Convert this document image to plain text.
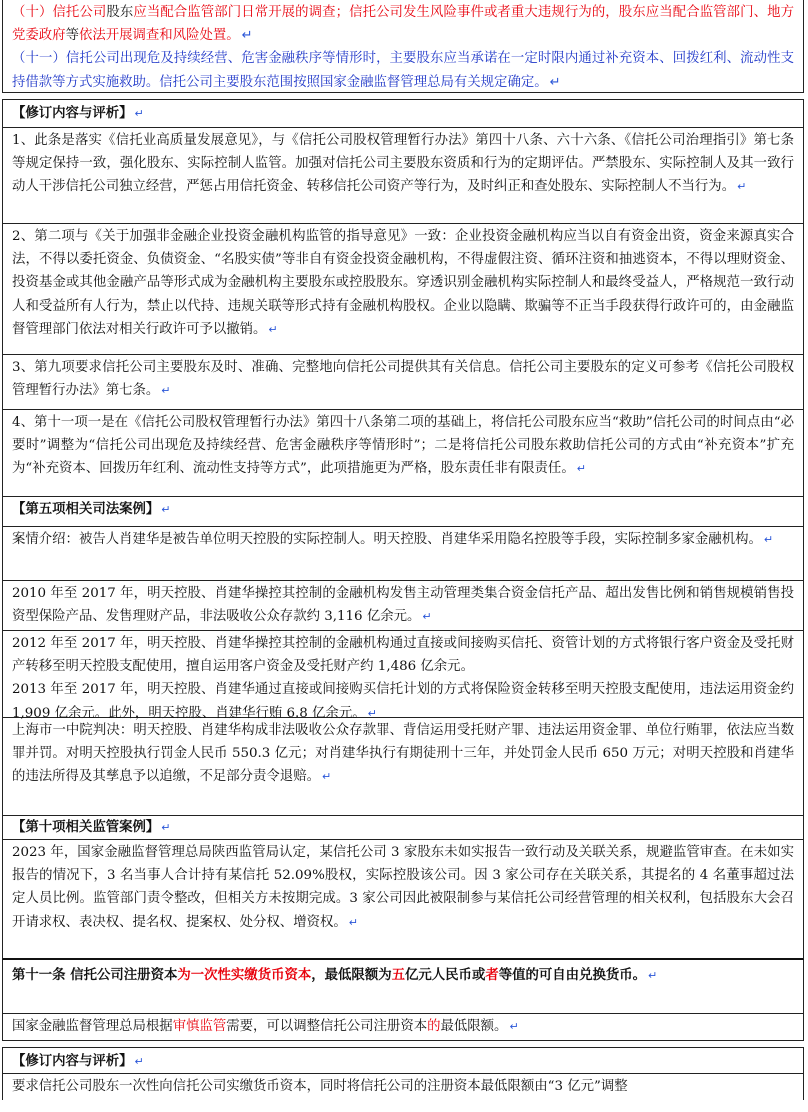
（十）信托公司股东应当配合监管部门日常开展的调查；信托公司发生风险事件或者重大违规行为的，股东应当配合监管部门、地方党委政府等依法开展调查和风险处置。 ↵
（十一）信托公司出现危及持续经营、危害金融秩序等情形时，主要股东应当承诺在一定时限内通过补充资本、回拨红利、流动性支持借款等方式实施救助。信托公司主要股东范围按照国家金融监督管理总局有关规定确定。 ↵
【修订内容与评析】 ↵
1、此条是落实《信托业高质量发展意见》，与《信托公司股权管理暂行办法》第四十八条、六十六条、《信托公司治理指引》第七条等规定保持一致，强化股东、实际控制人监管。加强对信托公司主要股东资质和行为的定期评估。严禁股东、实际控制人及其一致行动人干涉信托公司独立经营，严惩占用信托资金、转移信托公司资产等行为，及时纠正和查处股东、实际控制人不当行为。 ↵
2、第二项与《关于加强非金融企业投资金融机构监管的指导意见》一致：企业投资金融机构应当以自有资金出资，资金来源真实合法，不得以委托资金、负债资金、“名股实债”等非自有资金投资金融机构，不得虚假注资、循环注资和抽逃资本，不得以理财资金、投资基金或其他金融产品等形式成为金融机构主要股东或控股股东。穿透识别金融机构实际控制人和最终受益人，严格规范一致行动人和受益所有人行为，禁止以代持、违规关联等形式持有金融机构股权。企业以隐瞒、欺骗等不正当手段获得行政许可的，由金融监督管理部门依法对相关行政许可予以撤销。 ↵
3、第九项要求信托公司主要股东及时、准确、完整地向信托公司提供其有关信息。信托公司主要股东的定义可参考《信托公司股权管理暂行办法》第七条。 ↵
4、第十一项一是在《信托公司股权管理暂行办法》第四十八条第二项的基础上，将信托公司股东应当“救助”信托公司的时间点由“必要时”调整为“信托公司出现危及持续经营、危害金融秩序等情形时”；二是将信托公司股东救助信托公司的方式由“补充资本”扩充为“补充资本、回拨历年红利、流动性支持等方式”，此项措施更为严格，股东责任非有限责任。 ↵
【第五项相关司法案例】 ↵
案情介绍：被告人肖建华是被告单位明天控股的实际控制人。明天控股、肖建华采用隐名控股等手段，实际控制多家金融机构。 ↵
2010 年至 2017 年，明天控股、肖建华操控其控制的金融机构发售主动管理类集合资金信托产品、超出发售比例和销售规模销售投资型保险产品、发售理财产品，非法吸收公众存款约 3,116 亿余元。 ↵
2012 年至 2017 年，明天控股、肖建华操控其控制的金融机构通过直接或间接购买信托、资管计划的方式将银行客户资金及受托财产转移至明天控股支配使用，擅自运用客户资金及受托财产约 1,486 亿余元。
2013 年至 2017 年，明天控股、肖建华通过直接或间接购买信托计划的方式将保险资金转移至明天控股支配使用，违法运用资金约 1,909 亿余元。此外，明天控股、肖建华行贿 6.8 亿余元。 ↵
上海市一中院判决：明天控股、肖建华构成非法吸收公众存款罪、背信运用受托财产罪、违法运用资金罪、单位行贿罪，依法应当数罪并罚。对明天控股执行罚金人民币 550.3 亿元；对肖建华执行有期徒刑十三年，并处罚金人民币 650 万元；对明天控股和肖建华的违法所得及其孳息予以追缴，不足部分责令退赔。 ↵
【第十项相关监管案例】 ↵
2023 年，国家金融监督管理总局陕西监管局认定，某信托公司 3 家股东未如实报告一致行动及关联关系，规避监管审查。在未如实报告的情况下，3 名当事人合计持有某信托 52.09%股权，实际控股该公司。因 3 家公司存在关联关系，其提名的 4 名董事超过法定人员比例。监管部门责令整改，但相关方未按期完成。3 家公司因此被限制参与某信托公司经营管理的相关权利，包括股东大会召开请求权、表决权、提名权、提案权、处分权、增资权。 ↵
第十一条 信托公司注册资本为一次性实缴货币资本，最低限额为五亿元人民币或者等值的可自由兑换货币。 ↵
国家金融监督管理总局根据审慎监管需要，可以调整信托公司注册资本的最低限额。 ↵
【修订内容与评析】 ↵
要求信托公司股东一次性向信托公司实缴货币资本，同时将信托公司的注册资本最低限额由“3 亿元”调整
